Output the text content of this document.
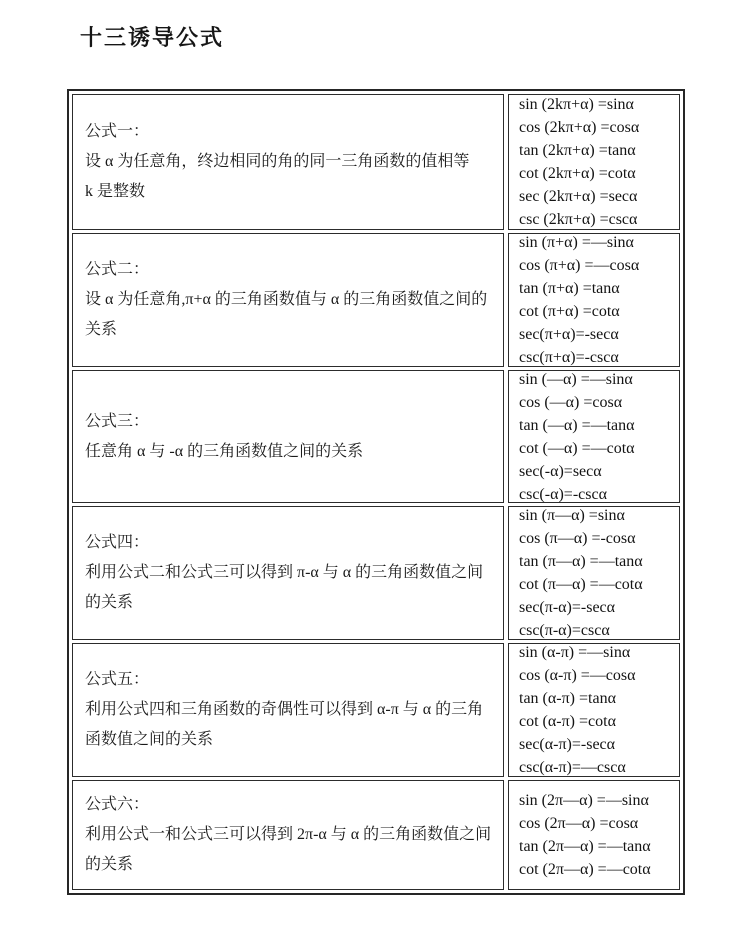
十三诱导公式
公式一：
设 α 为任意角，终边相同的角的同一三角函数的值相等
k 是整数
sin (2kπ+α) =sinα
cos (2kπ+α) =cosα
tan (2kπ+α) =tanα
cot (2kπ+α) =cotα
sec (2kπ+α) =secα
csc (2kπ+α) =cscα
公式二：
设 α 为任意角,π+α 的三角函数值与 α 的三角函数值之间的关系
sin (π+α) =—sinα
cos (π+α) =—cosα
tan (π+α) =tanα
cot (π+α) =cotα
sec(π+α)=-secα
csc(π+α)=-cscα
公式三：
任意角 α 与 -α 的三角函数值之间的关系
sin (—α) =—sinα
cos (—α) =cosα
tan (—α) =—tanα
cot (—α) =—cotα
sec(-α)=secα
csc(-α)=-cscα
公式四：
利用公式二和公式三可以得到 π-α 与 α 的三角函数值之间的关系
sin (π—α) =sinα
cos (π—α) =-cosα
tan (π—α) =—tanα
cot (π—α) =—cotα
sec(π-α)=-secα
csc(π-α)=cscα
公式五：
利用公式四和三角函数的奇偶性可以得到 α-π 与 α 的三角函数值之间的关系
sin (α-π) =—sinα
cos (α-π) =—cosα
tan (α-π) =tanα
cot (α-π) =cotα
sec(α-π)=-secα
csc(α-π)=—cscα
公式六：
利用公式一和公式三可以得到 2π-α 与 α 的三角函数值之间的关系
sin (2π—α) =—sinα
cos (2π—α) =cosα
tan (2π—α) =—tanα
cot (2π—α) =—cotα
